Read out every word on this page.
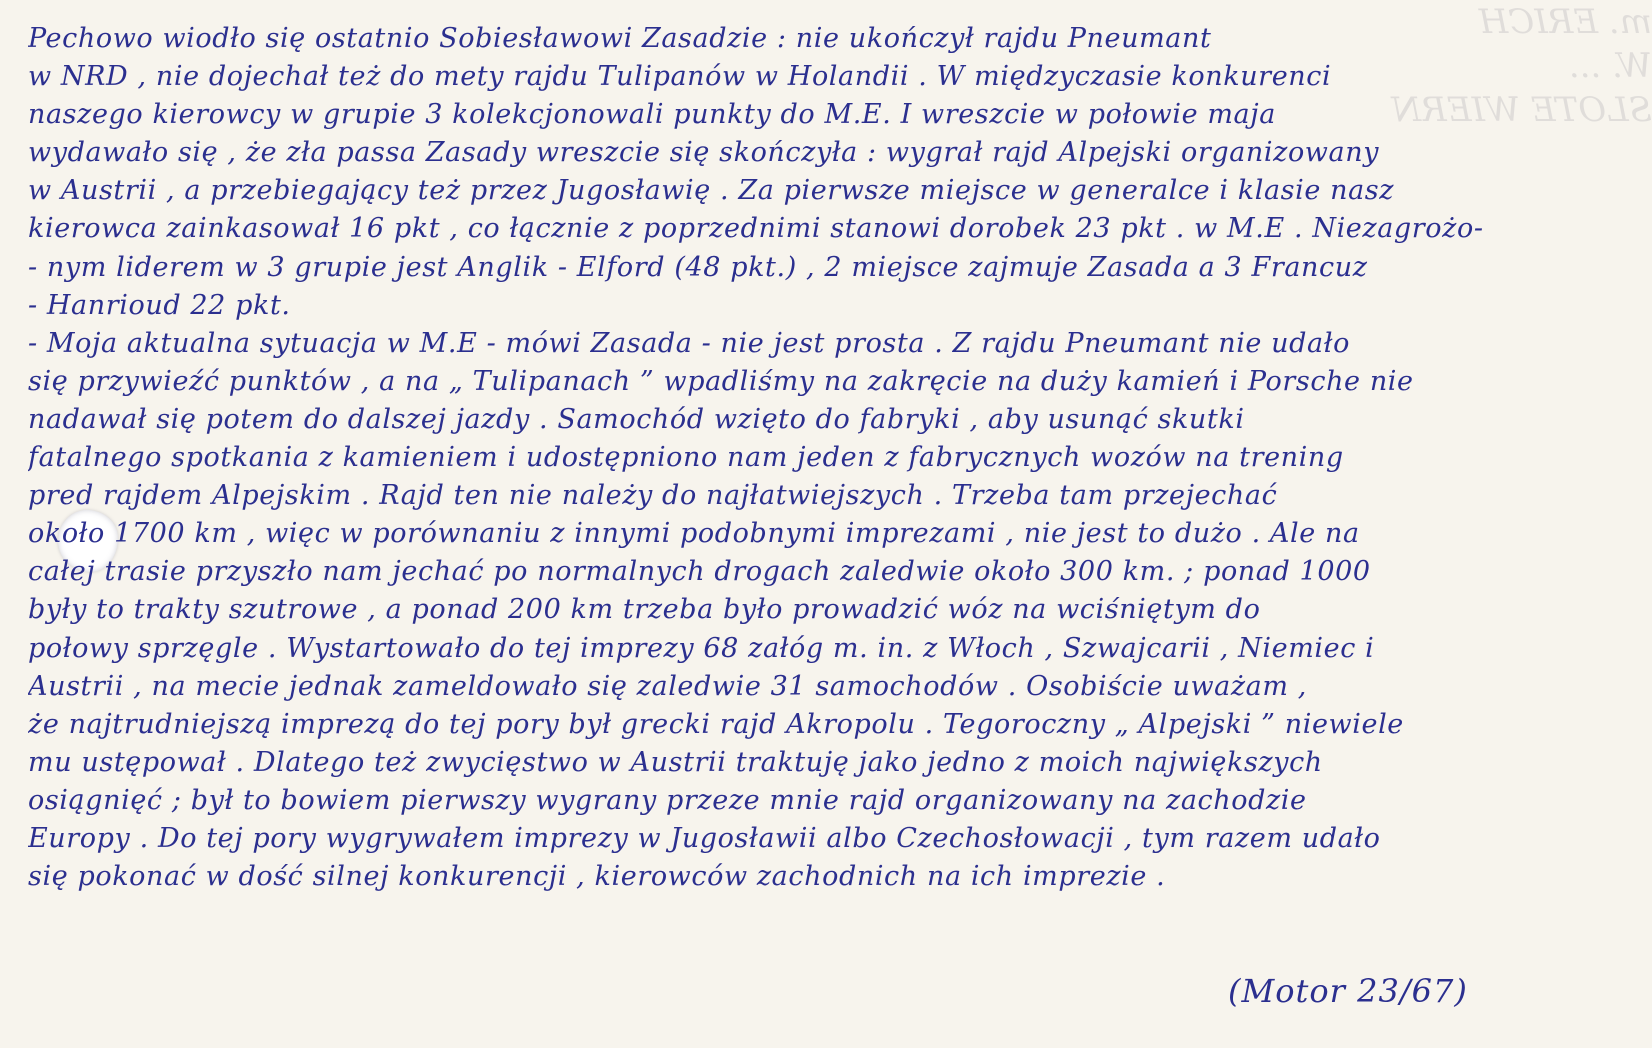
m. ERICH
W. ...
SLOTE WIERN
Pechowo wiodło się ostatnio Sobiesławowi Zasadzie : nie ukończył rajdu Pneumant
w NRD , nie dojechał też do mety rajdu Tulipanów w Holandii . W międzyczasie konkurenci
naszego kierowcy w grupie 3 kolekcjonowali punkty do M.E. I wreszcie w połowie maja
wydawało się , że zła passa Zasady wreszcie się skończyła : wygrał rajd Alpejski organizowany
w Austrii , a przebiegający też przez Jugosławię . Za pierwsze miejsce w generalce i klasie nasz
kierowca zainkasował 16 pkt , co łącznie z poprzednimi stanowi dorobek 23 pkt . w M.E . Niezagrożo-
- nym liderem w 3 grupie jest Anglik - Elford (48 pkt.) , 2 miejsce zajmuje Zasada a 3 Francuz
- Hanrioud 22 pkt.
- Moja aktualna sytuacja w M.E - mówi Zasada - nie jest prosta . Z rajdu Pneumant nie udało
się przywieźć punktów , a na „ Tulipanach ” wpadliśmy na zakręcie na duży kamień i Porsche nie
nadawał się potem do dalszej jazdy . Samochód wzięto do fabryki , aby usunąć skutki
fatalnego spotkania z kamieniem i udostępniono nam jeden z fabrycznych wozów na trening
pred rajdem Alpejskim . Rajd ten nie należy do najłatwiejszych . Trzeba tam przejechać
około 1700 km , więc w porównaniu z innymi podobnymi imprezami , nie jest to dużo . Ale na
całej trasie przyszło nam jechać po normalnych drogach zaledwie około 300 km. ; ponad 1000
były to trakty szutrowe , a ponad 200 km trzeba było prowadzić wóz na wciśniętym do
połowy sprzęgle . Wystartowało do tej imprezy 68 załóg m. in. z Włoch , Szwajcarii , Niemiec i
Austrii , na mecie jednak zameldowało się zaledwie 31 samochodów . Osobiście uważam ,
że najtrudniejszą imprezą do tej pory był grecki rajd Akropolu . Tegoroczny „ Alpejski ” niewiele
mu ustępował . Dlatego też zwycięstwo w Austrii traktuję jako jedno z moich największych
osiągnięć ; był to bowiem pierwszy wygrany przeze mnie rajd organizowany na zachodzie
Europy . Do tej pory wygrywałem imprezy w Jugosławii albo Czechosłowacji , tym razem udało
się pokonać w dość silnej konkurencji , kierowców zachodnich na ich imprezie .
(Motor 23/67)
